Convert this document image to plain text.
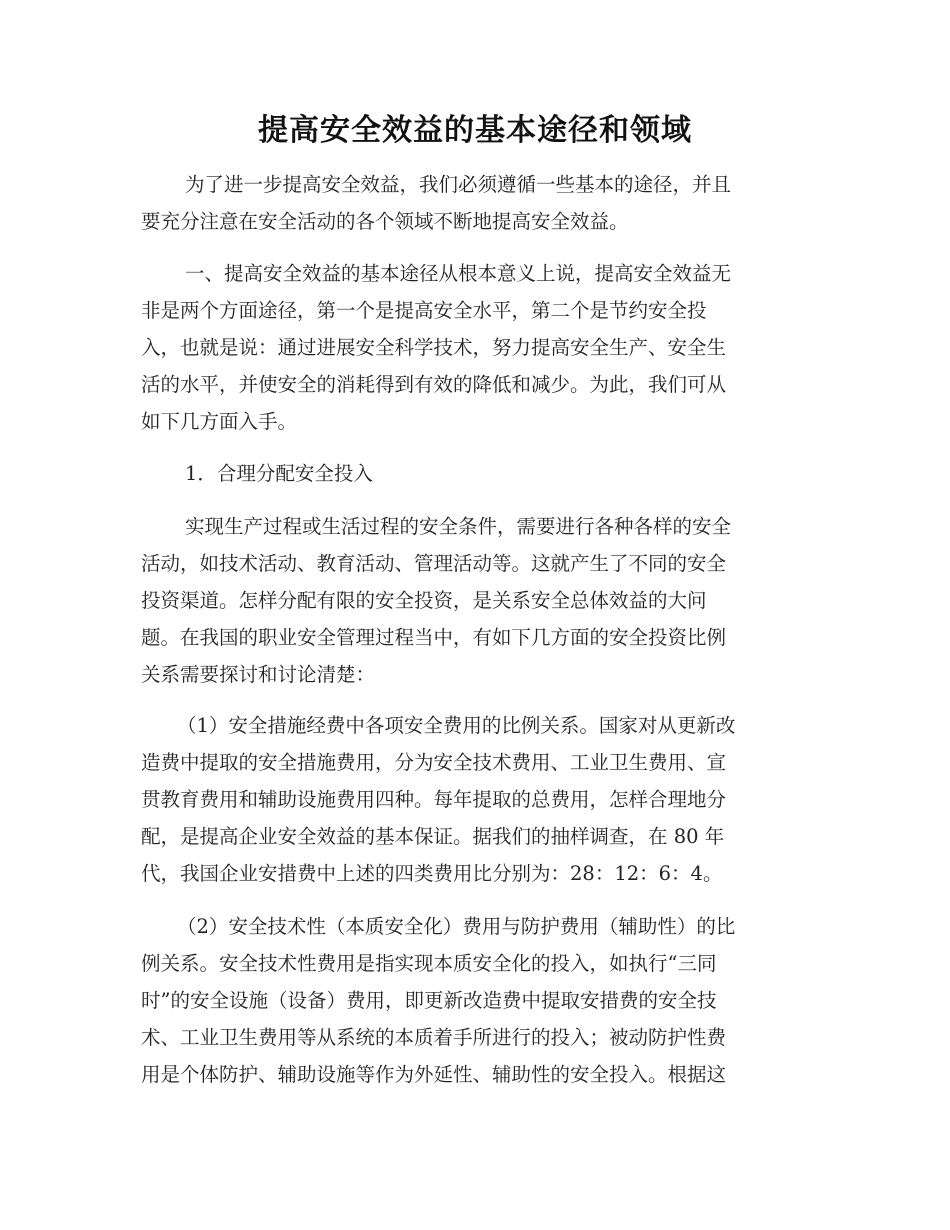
提高安全效益的基本途径和领域

为了进一步提高安全效益，我们必须遵循一些基本的途径，并且
要充分注意在安全活动的各个领域不断地提高安全效益。

一、提高安全效益的基本途径从根本意义上说，提高安全效益无
非是两个方面途径，第一个是提高安全水平，第二个是节约安全投
入，也就是说：通过进展安全科学技术，努力提高安全生产、安全生
活的水平，并使安全的消耗得到有效的降低和减少。为此，我们可从
如下几方面入手。

1．合理分配安全投入

实现生产过程或生活过程的安全条件，需要进行各种各样的安全
活动，如技术活动、教育活动、管理活动等。这就产生了不同的安全
投资渠道。怎样分配有限的安全投资，是关系安全总体效益的大问
题。在我国的职业安全管理过程当中，有如下几方面的安全投资比例
关系需要探讨和讨论清楚：

（1）安全措施经费中各项安全费用的比例关系。国家对从更新改
造费中提取的安全措施费用，分为安全技术费用、工业卫生费用、宣
贯教育费用和辅助设施费用四种。每年提取的总费用，怎样合理地分
配，是提高企业安全效益的基本保证。据我们的抽样调查，在 80 年
代，我国企业安措费中上述的四类费用比分别为：28：12：6：4。

（2）安全技术性（本质安全化）费用与防护费用（辅助性）的比
例关系。安全技术性费用是指实现本质安全化的投入，如执行“三同
时”的安全设施（设备）费用，即更新改造费中提取安措费的安全技
术、工业卫生费用等从系统的本质着手所进行的投入；被动防护性费
用是个体防护、辅助设施等作为外延性、辅助性的安全投入。根据这
